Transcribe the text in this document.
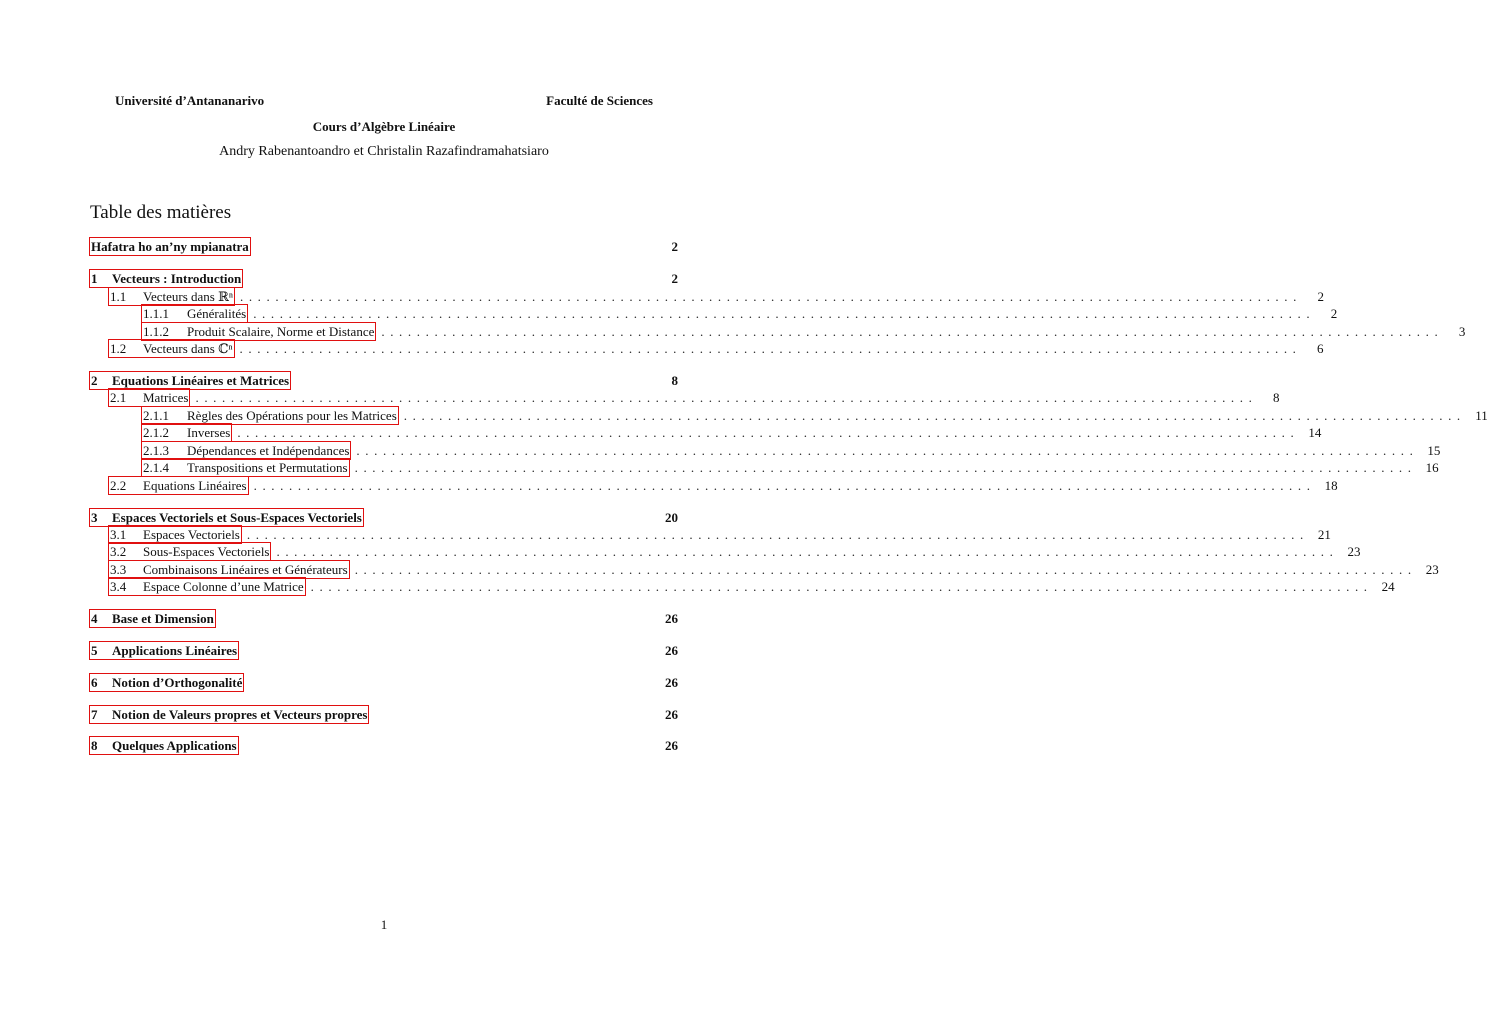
Université d’Antananarivo	Faculté de Sciences
Cours d’Algèbre Linéaire
Andry Rabenantoandro et Christalin Razafindramahatsiaro
Table des matières
Hafatra ho an’ny mpianatra	2
1	Vecteurs : Introduction	2
1.1	Vecteurs dans ℝⁿ ........................................................................................................................	2
1.1.1	Généralités ........................................................................................................................	2
1.1.2	Produit Scalaire, Norme et Distance ........................................................................................................................	3
1.2	Vecteurs dans ℂⁿ ........................................................................................................................	6
2	Equations Linéaires et Matrices	8
2.1	Matrices ........................................................................................................................	8
2.1.1	Règles des Opérations pour les Matrices ........................................................................................................................ 11
2.1.2	Inverses ........................................................................................................................ 14
2.1.3	Dépendances et Indépendances ........................................................................................................................ 15
2.1.4	Transpositions et Permutations ........................................................................................................................ 16
2.2	Equations Linéaires ........................................................................................................................ 18
3	Espaces Vectoriels et Sous-Espaces Vectoriels	20
3.1	Espaces Vectoriels ........................................................................................................................ 21
3.2	Sous-Espaces Vectoriels ........................................................................................................................ 23
3.3	Combinaisons Linéaires et Générateurs ........................................................................................................................ 23
3.4	Espace Colonne d’une Matrice ........................................................................................................................ 24
4	Base et Dimension	26
5	Applications Linéaires	26
6	Notion d’Orthogonalité	26
7	Notion de Valeurs propres et Vecteurs propres	26
8	Quelques Applications	26
1
